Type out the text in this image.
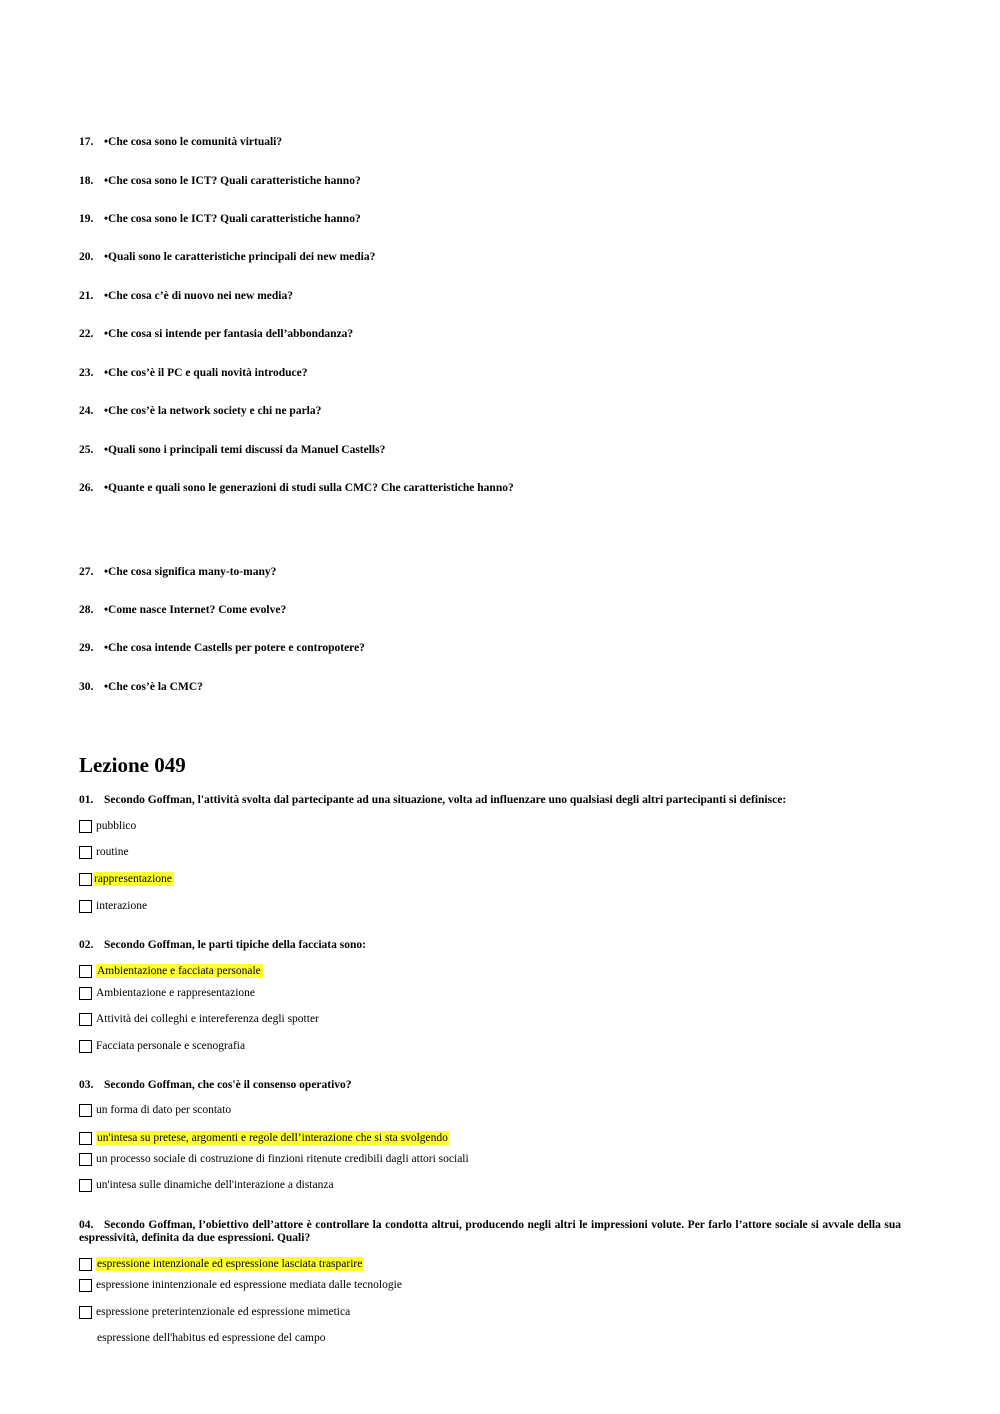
17. •Che cosa sono le comunità virtuali?
18. •Che cosa sono le ICT? Quali caratteristiche hanno?
19. •Che cosa sono le ICT? Quali caratteristiche hanno?
20. •Quali sono le caratteristiche principali dei new media?
21. •Che cosa c’è di nuovo nei new media?
22. •Che cosa si intende per fantasia dell’abbondanza?
23. •Che cos’è il PC e quali novità introduce?
24. •Che cos’è la network society e chi ne parla?
25. •Quali sono i principali temi discussi da Manuel Castells?
26. •Quante e quali sono le generazioni di studi sulla CMC? Che caratteristiche hanno?
27. •Che cosa significa many-to-many?
28. •Come nasce Internet? Come evolve?
29. •Che cosa intende Castells per potere e contropotere?
30. •Che cos’è la CMC?
Lezione 049
01. Secondo Goffman, l'attività svolta dal partecipante ad una situazione, volta ad influenzare uno qualsiasi degli altri partecipanti si definisce:
pubblico
routine
rappresentazione
interazione
02. Secondo Goffman, le parti tipiche della facciata sono:
Ambientazione e facciata personale
Ambientazione e rappresentazione
Attività dei colleghi e intereferenza degli spotter
Facciata personale e scenografia
03. Secondo Goffman, che cos'è il consenso operativo?
un forma di dato per scontato
un'intesa su pretese, argomenti e regole dell’interazione che si sta svolgendo
un processo sociale di costruzione di finzioni ritenute credibili dagli attori sociali
un'intesa sulle dinamiche dell'interazione a distanza
04. Secondo Goffman, l’obiettivo dell’attore è controllare la condotta altrui, producendo negli altri le impressioni volute. Per farlo l’attore sociale si avvale della sua espressività, definita da due espressioni. Quali?
espressione intenzionale ed espressione lasciata trasparire
espressione inintenzionale ed espressione mediata dalle tecnologie
espressione preterintenzionale ed espressione mimetica
espressione dell'habitus ed espressione del campo
